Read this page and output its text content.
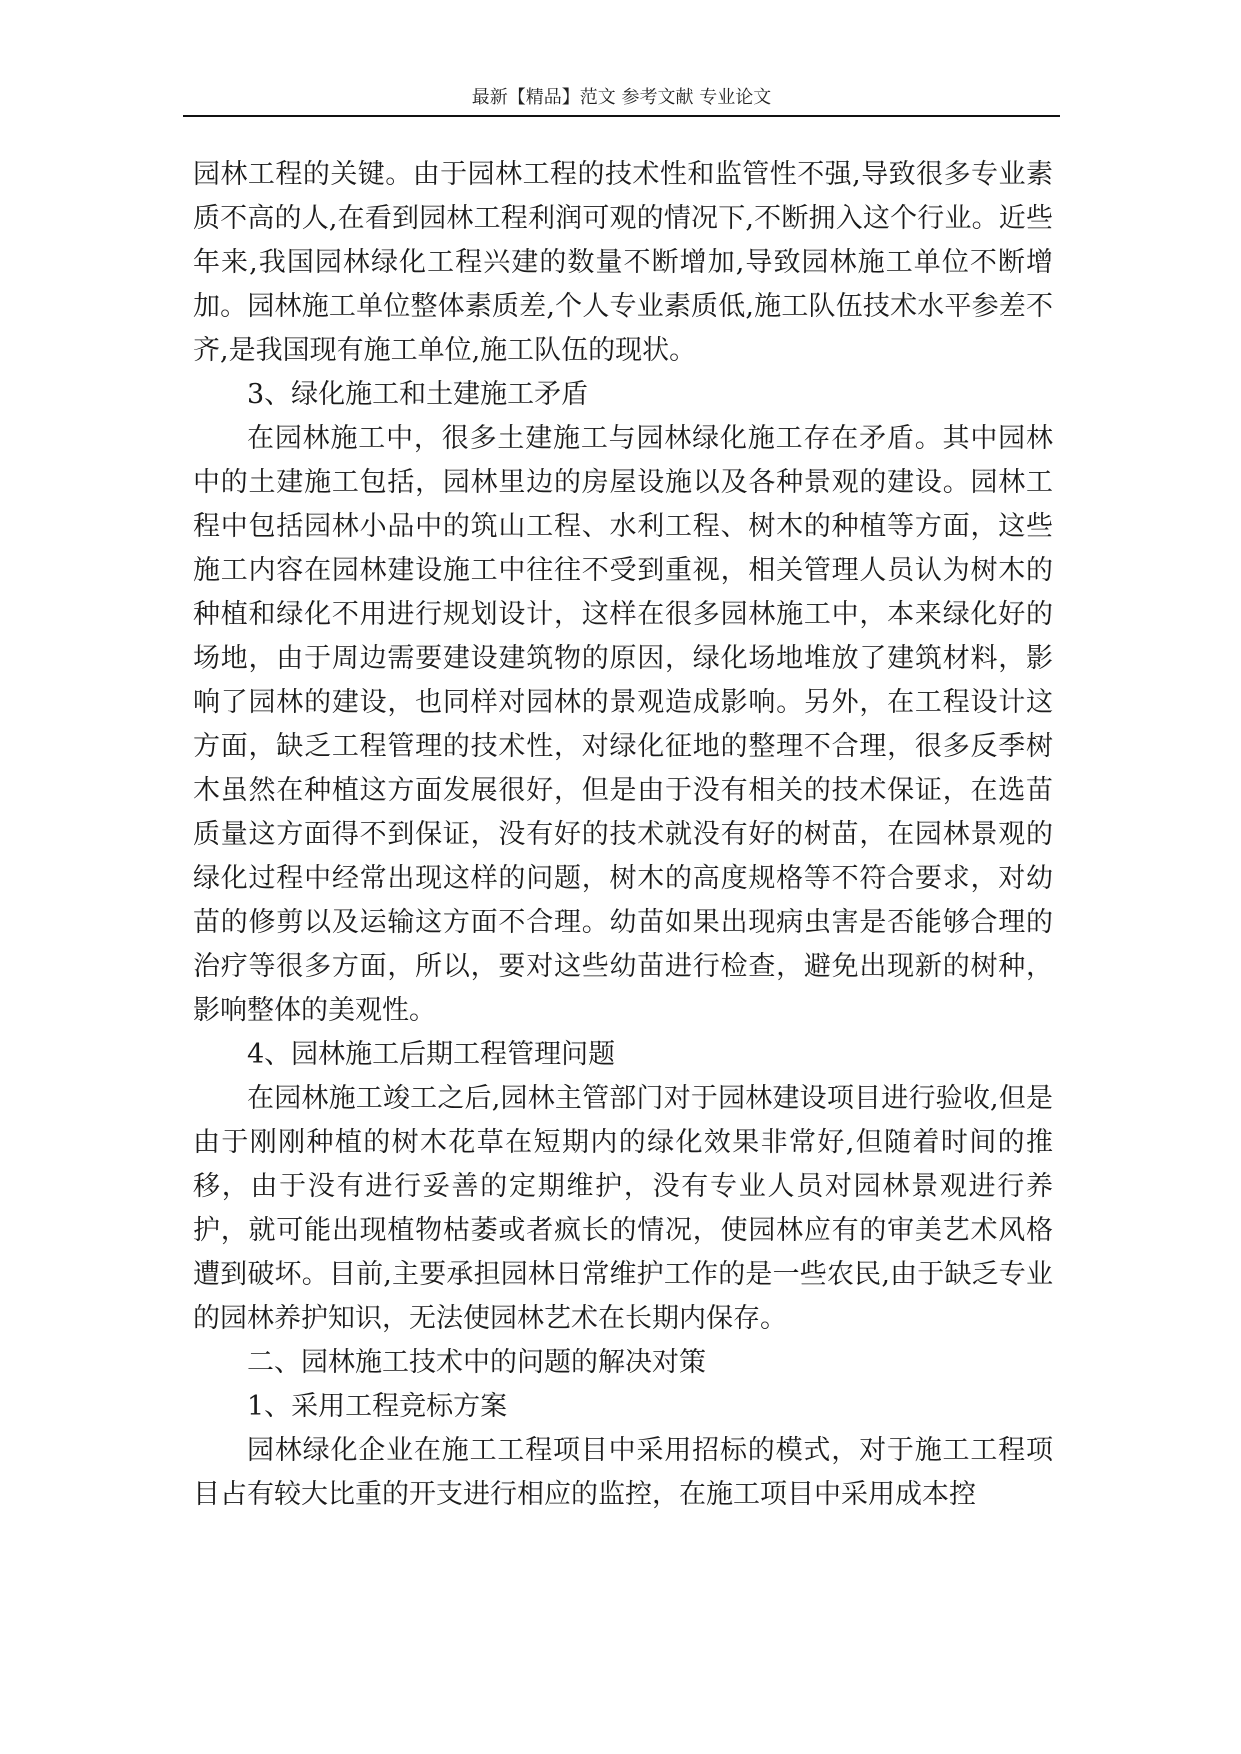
最新【精品】范文 参考文献 专业论文

园林工程的关键。由于园林工程的技术性和监管性不强,导致很多专业素质不高的人,在看到园林工程利润可观的情况下,不断拥入这个行业。近些年来,我国园林绿化工程兴建的数量不断增加,导致园林施工单位不断增加。园林施工单位整体素质差,个人专业素质低,施工队伍技术水平参差不齐,是我国现有施工单位,施工队伍的现状。

3、绿化施工和土建施工矛盾

在园林施工中，很多土建施工与园林绿化施工存在矛盾。其中园林中的土建施工包括，园林里边的房屋设施以及各种景观的建设。园林工程中包括园林小品中的筑山工程、水利工程、树木的种植等方面，这些施工内容在园林建设施工中往往不受到重视，相关管理人员认为树木的种植和绿化不用进行规划设计，这样在很多园林施工中，本来绿化好的场地，由于周边需要建设建筑物的原因，绿化场地堆放了建筑材料，影响了园林的建设，也同样对园林的景观造成影响。另外，在工程设计这方面，缺乏工程管理的技术性，对绿化征地的整理不合理，很多反季树木虽然在种植这方面发展很好，但是由于没有相关的技术保证，在选苗质量这方面得不到保证，没有好的技术就没有好的树苗，在园林景观的绿化过程中经常出现这样的问题，树木的高度规格等不符合要求，对幼苗的修剪以及运输这方面不合理。幼苗如果出现病虫害是否能够合理的治疗等很多方面，所以，要对这些幼苗进行检查，避免出现新的树种，影响整体的美观性。

4、园林施工后期工程管理问题

在园林施工竣工之后,园林主管部门对于园林建设项目进行验收,但是由于刚刚种植的树木花草在短期内的绿化效果非常好,但随着时间的推移，由于没有进行妥善的定期维护，没有专业人员对园林景观进行养护，就可能出现植物枯萎或者疯长的情况，使园林应有的审美艺术风格遭到破坏。目前,主要承担园林日常维护工作的是一些农民,由于缺乏专业的园林养护知识，无法使园林艺术在长期内保存。

二、园林施工技术中的问题的解决对策

1、采用工程竞标方案

园林绿化企业在施工工程项目中采用招标的模式，对于施工工程项目占有较大比重的开支进行相应的监控，在施工项目中采用成本控
